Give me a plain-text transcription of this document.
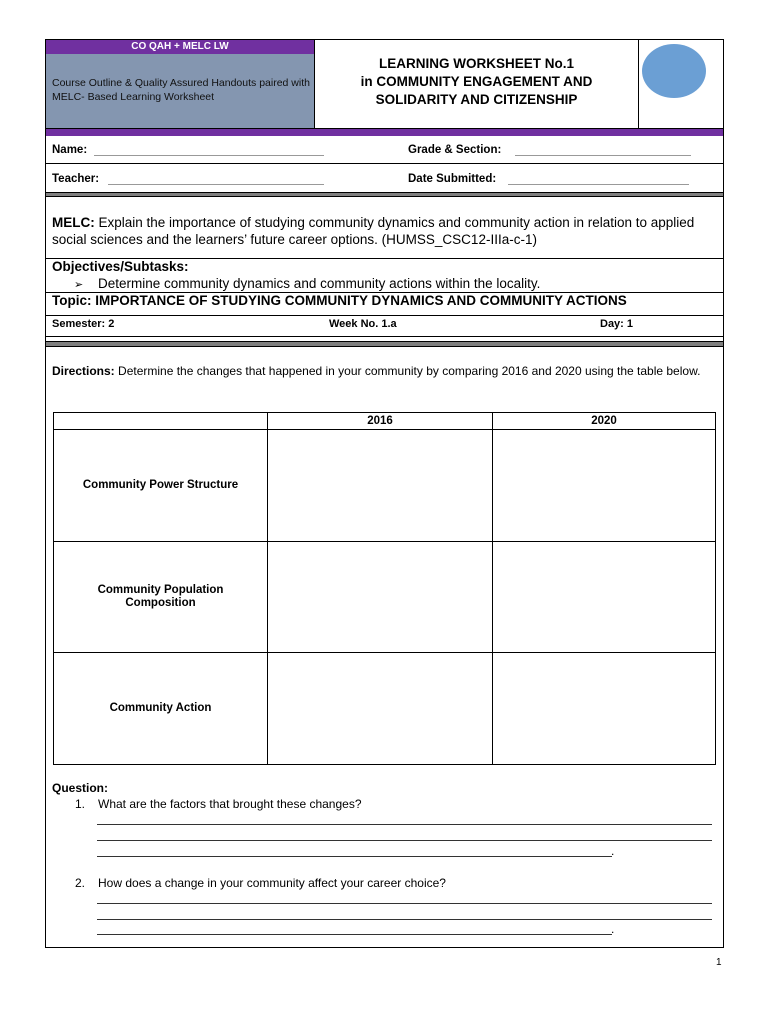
CO QAH + MELC LW
Course Outline & Quality Assured Handouts paired with MELC- Based Learning Worksheet
LEARNING WORKSHEET No.1
in COMMUNITY ENGAGEMENT AND
SOLIDARITY AND CITIZENSHIP
Name:	Grade & Section:
Teacher:	Date Submitted:
MELC: Explain the importance of studying community dynamics and community action in relation to applied social sciences and the learners’ future career options. (HUMSS_CSC12-IIIa-c-1)
Objectives/Subtasks:
➢ Determine community dynamics and community actions within the locality.
Topic: IMPORTANCE OF STUDYING COMMUNITY DYNAMICS AND COMMUNITY ACTIONS
Semester: 2	Week No. 1.a	Day: 1
Directions: Determine the changes that happened in your community by comparing 2016 and 2020 using the table below.
	2016	2020
Community Power Structure		
Community Population Composition		
Community Action		
Question:
1. What are the factors that brought these changes?
.
2. How does a change in your community affect your career choice?
.
1
